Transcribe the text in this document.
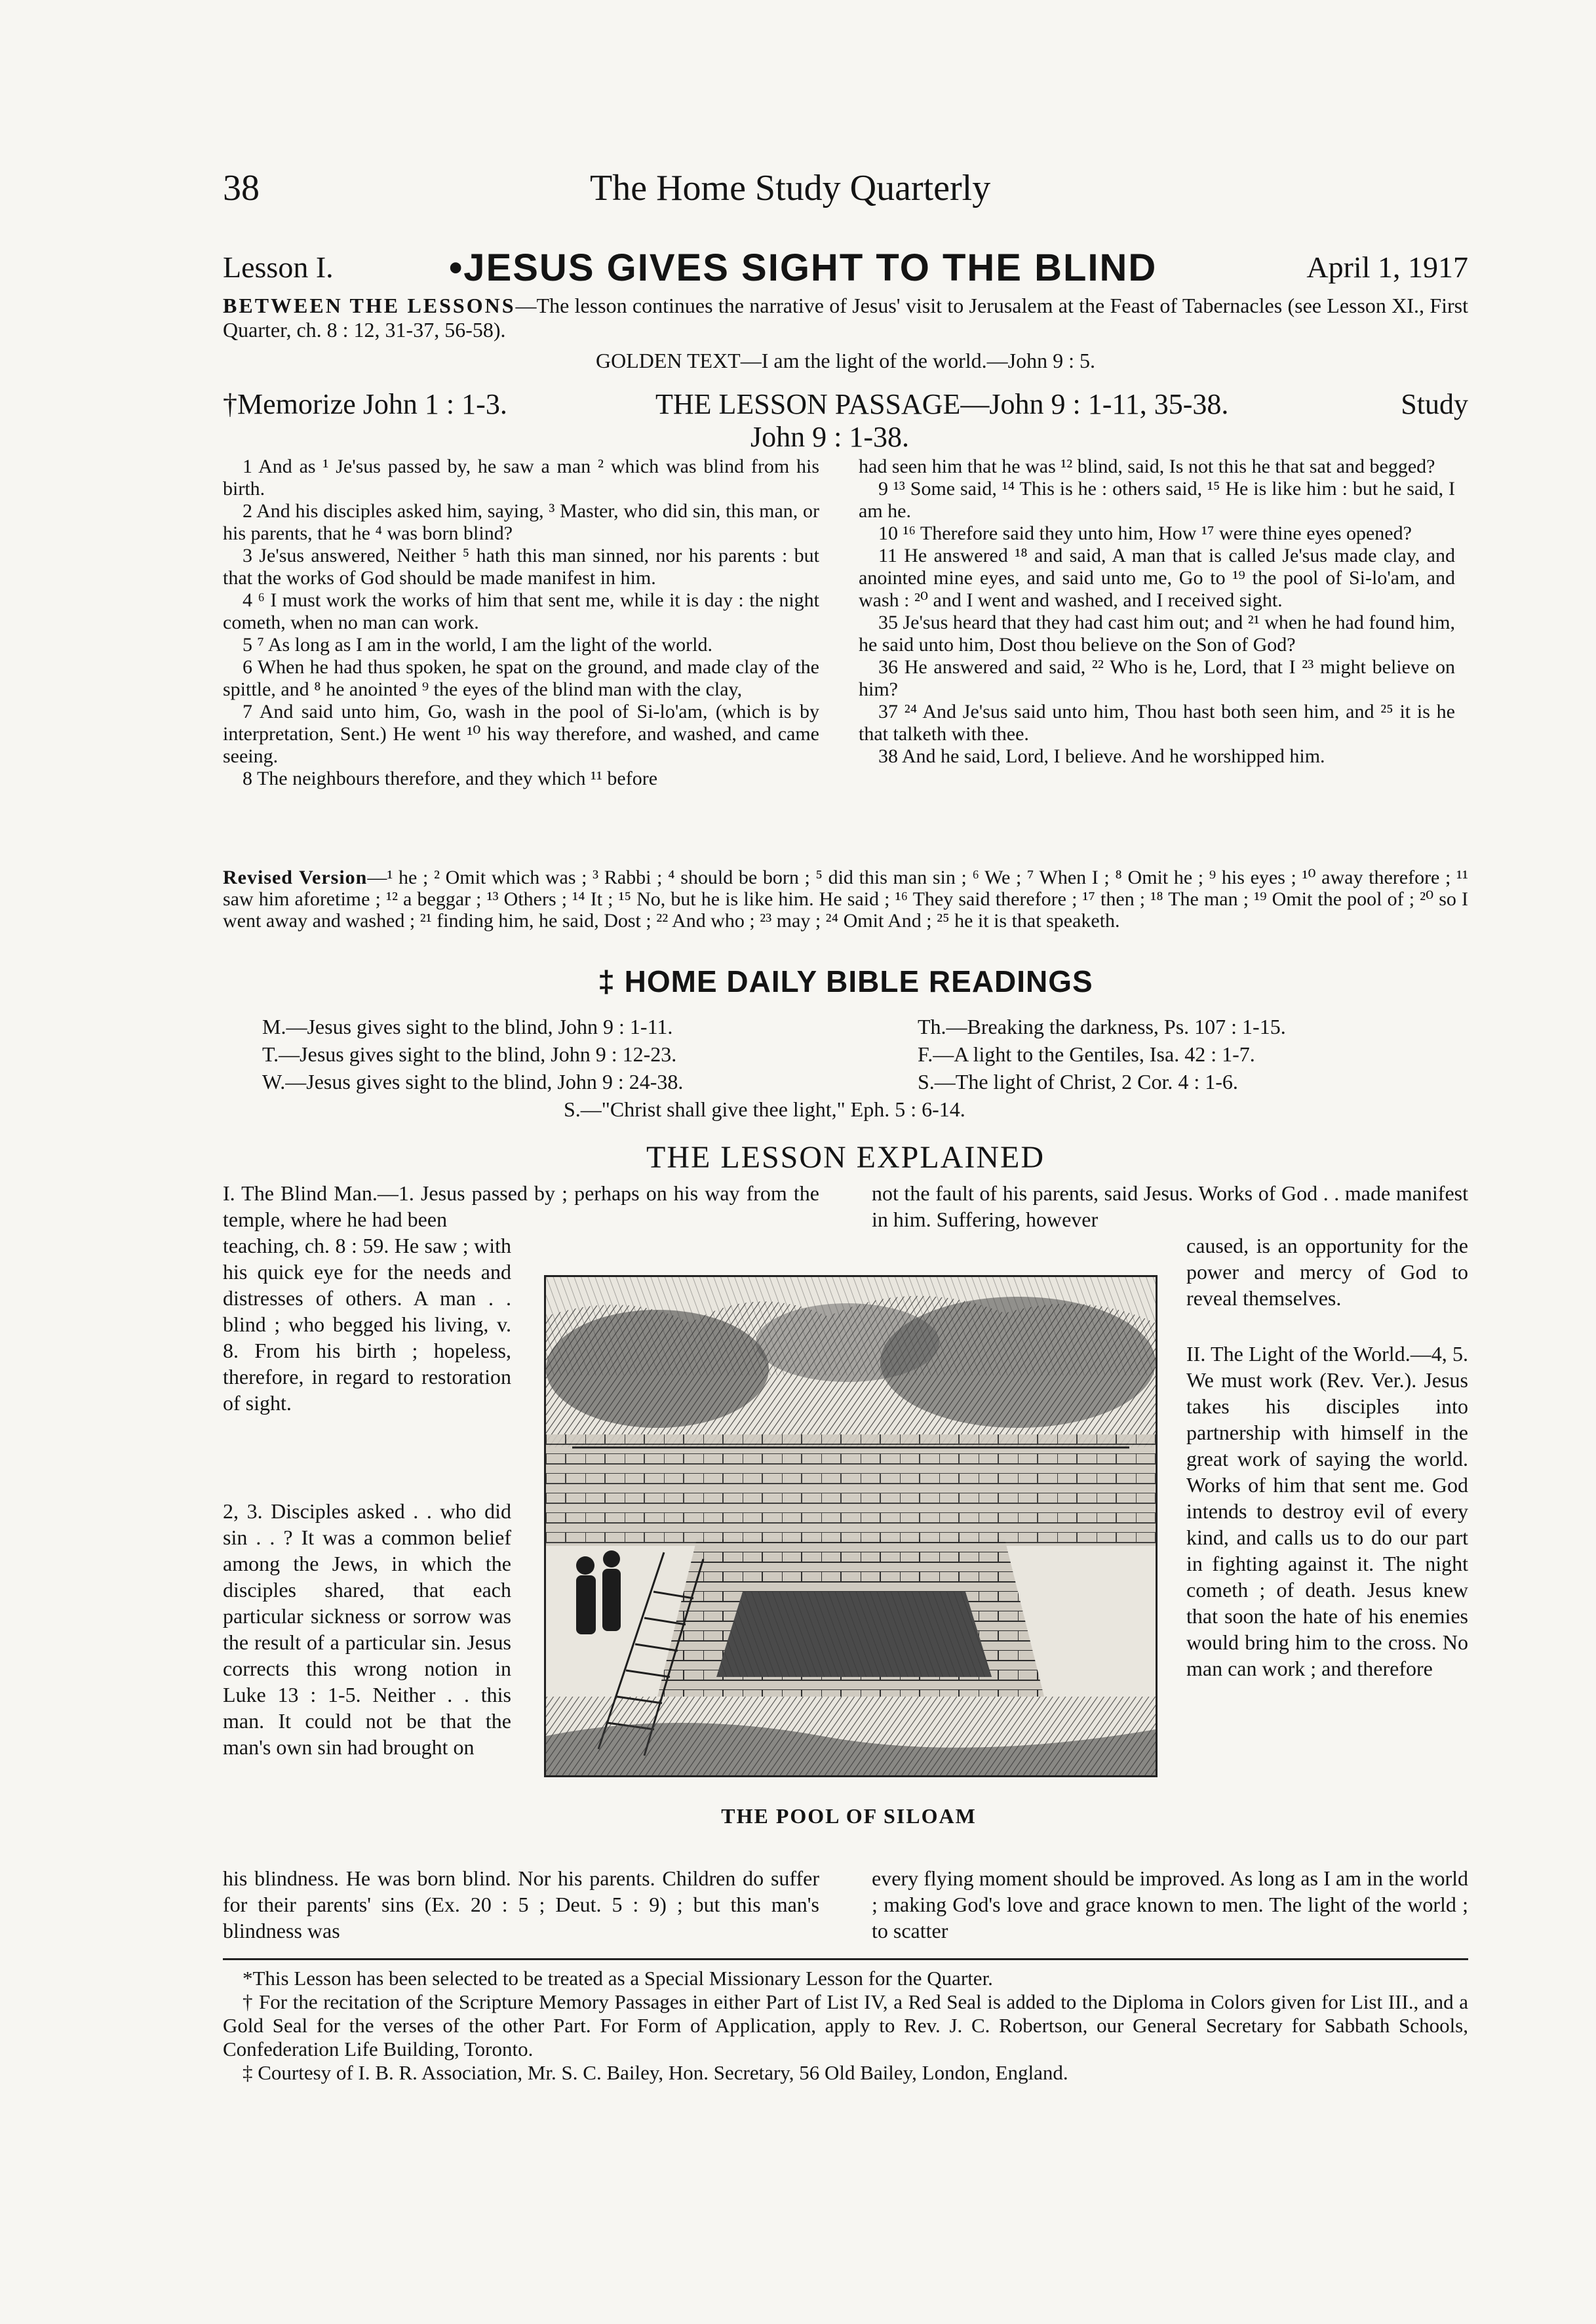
38	The Home Study Quarterly
Lesson I.	•JESUS GIVES SIGHT TO THE BLIND	April 1, 1917
BETWEEN THE LESSONS—The lesson continues the narrative of Jesus' visit to Jerusalem at the Feast of Tabernacles (see Lesson XI., First Quarter, ch. 8 : 12, 31-37, 56-58).
GOLDEN TEXT—I am the light of the world.—John 9 : 5.
†Memorize John 1 : 1-3.	THE LESSON PASSAGE—John 9 : 1-11, 35-38.	Study
John 9 : 1-38.

1 And as ¹ Je'sus passed by, he saw a man ² which was blind from his birth.

2 And his disciples asked him, saying, ³ Master, who did sin, this man, or his parents, that he ⁴ was born blind?

3 Je'sus answered, Neither ⁵ hath this man sinned, nor his parents : but that the works of God should be made manifest in him.

4 ⁶ I must work the works of him that sent me, while it is day : the night cometh, when no man can work.

5 ⁷ As long as I am in the world, I am the light of the world.

6 When he had thus spoken, he spat on the ground, and made clay of the spittle, and ⁸ he anointed ⁹ the eyes of the blind man with the clay,

7 And said unto him, Go, wash in the pool of Si-lo'am, (which is by interpretation, Sent.) He went ¹⁰ his way therefore, and washed, and came seeing.

8 The neighbours therefore, and they which ¹¹ before

had seen him that he was ¹² blind, said, Is not this he that sat and begged?

9 ¹³ Some said, ¹⁴ This is he : others said, ¹⁵ He is like him : but he said, I am he.

10 ¹⁶ Therefore said they unto him, How ¹⁷ were thine eyes opened?

11 He answered ¹⁸ and said, A man that is called Je'sus made clay, and anointed mine eyes, and said unto me, Go to ¹⁹ the pool of Si-lo'am, and wash : ²⁰ and I went and washed, and I received sight.

35 Je'sus heard that they had cast him out; and ²¹ when he had found him, he said unto him, Dost thou believe on the Son of God?

36 He answered and said, ²² Who is he, Lord, that I ²³ might believe on him?

37 ²⁴ And Je'sus said unto him, Thou hast both seen him, and ²⁵ it is he that talketh with thee.

38 And he said, Lord, I believe. And he worshipped him.

Revised Version—¹ he ; ² Omit which was ; ³ Rabbi ; ⁴ should be born ; ⁵ did this man sin ; ⁶ We ; ⁷ When I ; ⁸ Omit he ; ⁹ his eyes ; ¹⁰ away therefore ; ¹¹ saw him aforetime ; ¹² a beggar ; ¹³ Others ; ¹⁴ It ; ¹⁵ No, but he is like him. He said ; ¹⁶ They said therefore ; ¹⁷ then ; ¹⁸ The man ; ¹⁹ Omit the pool of ; ²⁰ so I went away and washed ; ²¹ finding him, he said, Dost ; ²² And who ; ²³ may ; ²⁴ Omit And ; ²⁵ he it is that speaketh.
‡ HOME DAILY BIBLE READINGS
M.—Jesus gives sight to the blind, John 9 : 1-11.
T.—Jesus gives sight to the blind, John 9 : 12-23.
W.—Jesus gives sight to the blind, John 9 : 24-38.
Th.—Breaking the darkness, Ps. 107 : 1-15.
F.—A light to the Gentiles, Isa. 42 : 1-7.
S.—The light of Christ, 2 Cor. 4 : 1-6.
S.—"Christ shall give thee light," Eph. 5 : 6-14.
THE LESSON EXPLAINED
I. The Blind Man.—1. Jesus passed by ; perhaps on his way from the temple, where he had been
teaching, ch. 8 : 59. He saw ; with his quick eye for the needs and distresses of others. A man . . blind ; who begged his living, v. 8. From his birth ; hopeless, therefore, in regard to restoration of sight.
2, 3. Disciples asked . . who did sin . . ? It was a common belief among the Jews, in which the disciples shared, that each particular sickness or sorrow was the result of a particular sin. Jesus corrects this wrong notion in Luke 13 : 1-5. Neither . . this man. It could not be that the man's own sin had brought on
his blindness. He was born blind. Nor his parents. Children do suffer for their parents' sins (Ex. 20 : 5 ; Deut. 5 : 9) ; but this man's blindness was
not the fault of his parents, said Jesus. Works of God . . made manifest in him. Suffering, however
caused, is an opportunity for the power and mercy of God to reveal themselves.
II. The Light of the World.—4, 5. We must work (Rev. Ver.). Jesus takes his disciples into partnership with himself in the great work of saying the world. Works of him that sent me. God intends to destroy evil of every kind, and calls us to do our part in fighting against it. The night cometh ; of death. Jesus knew that soon the hate of his enemies would bring him to the cross. No man can work ; and therefore
every flying moment should be improved. As long as I am in the world ; making God's love and grace known to men. The light of the world ; to scatter
THE POOL OF SILOAM

*This Lesson has been selected to be treated as a Special Missionary Lesson for the Quarter.

† For the recitation of the Scripture Memory Passages in either Part of List IV, a Red Seal is added to the Diploma in Colors given for List III., and a Gold Seal for the verses of the other Part. For Form of Application, apply to Rev. J. C. Robertson, our General Secretary for Sabbath Schools, Confederation Life Building, Toronto.

‡ Courtesy of I. B. R. Association, Mr. S. C. Bailey, Hon. Secretary, 56 Old Bailey, London, England.
